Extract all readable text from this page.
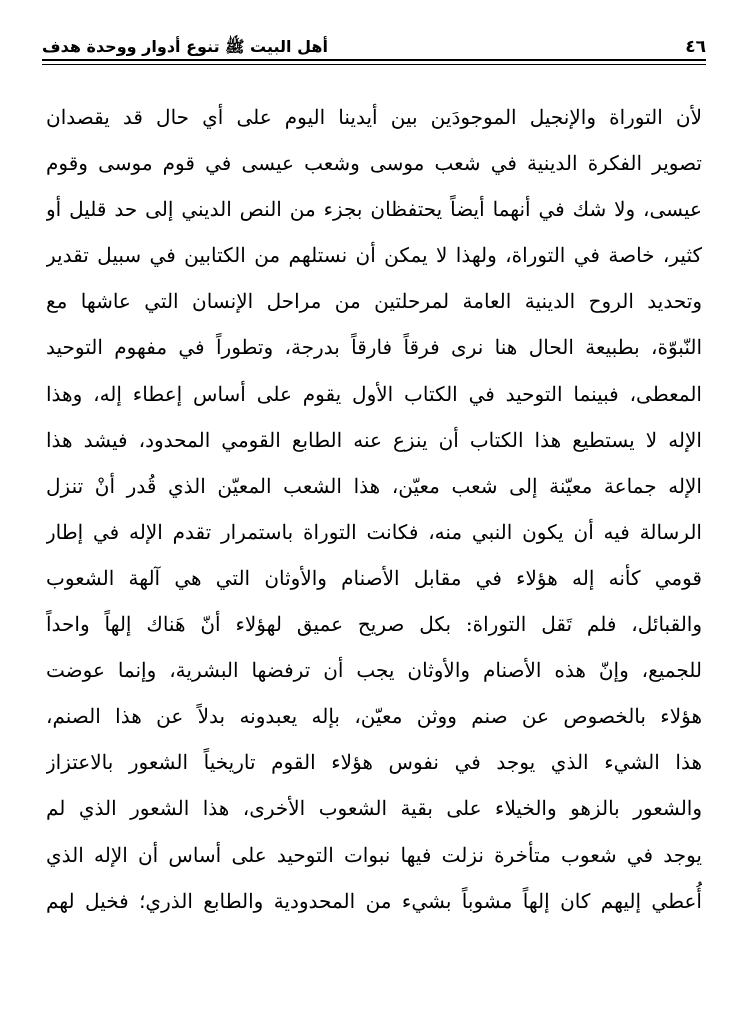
٤٦
أهل البيت ﷺ تنوع أدوار ووحدة هدف
لأن التوراة والإنجيل الموجودَين بين أيدينا اليوم على أي حال قد يقصدان
تصوير الفكرة الدينية في شعب موسى وشعب عيسى في قوم موسى وقوم
عيسى، ولا شك في أنهما أيضاً يحتفظان بجزء من النص الديني إلى حد قليل أو
كثير، خاصة في التوراة، ولهذا لا يمكن أن نستلهم من الكتابين في سبيل تقدير
وتحديد الروح الدينية العامة لمرحلتين من مراحل الإنسان التي عاشها مع
النّبوّة، بطبيعة الحال هنا نرى فرقاً فارقاً بدرجة، وتطوراً في مفهوم التوحيد
المعطى، فبينما التوحيد في الكتاب الأول يقوم على أساس إعطاء إله، وهذا
الإله لا يستطيع هذا الكتاب أن ينزع عنه الطابع القومي المحدود، فيشد هذا
الإله جماعة معيّنة إلى شعب معيّن، هذا الشعب المعيّن الذي قُدر أنْ تنزل
الرسالة فيه أن يكون النبي منه، فكانت التوراة باستمرار تقدم الإله في إطار
قومي كأنه إله هؤلاء في مقابل الأصنام والأوثان التي هي آلهة الشعوب
والقبائل، فلم تَقل التوراة: بكل صريح عميق لهؤلاء أنّ هَناك إلهاً واحداً
للجميع، وإنّ هذه الأصنام والأوثان يجب أن ترفضها البشرية، وإنما عوضت
هؤلاء بالخصوص عن صنم ووثن معيّن، بإله يعبدونه بدلاً عن هذا الصنم،
هذا الشيء الذي يوجد في نفوس هؤلاء القوم تاريخياً الشعور بالاعتزاز
والشعور بالزهو والخيلاء على بقية الشعوب الأخرى، هذا الشعور الذي لم
يوجد في شعوب متأخرة نزلت فيها نبوات التوحيد على أساس أن الإله الذي
أُعطي إليهم كان إلهاً مشوباً بشيء من المحدودية والطابع الذري؛ فخيل لهم
